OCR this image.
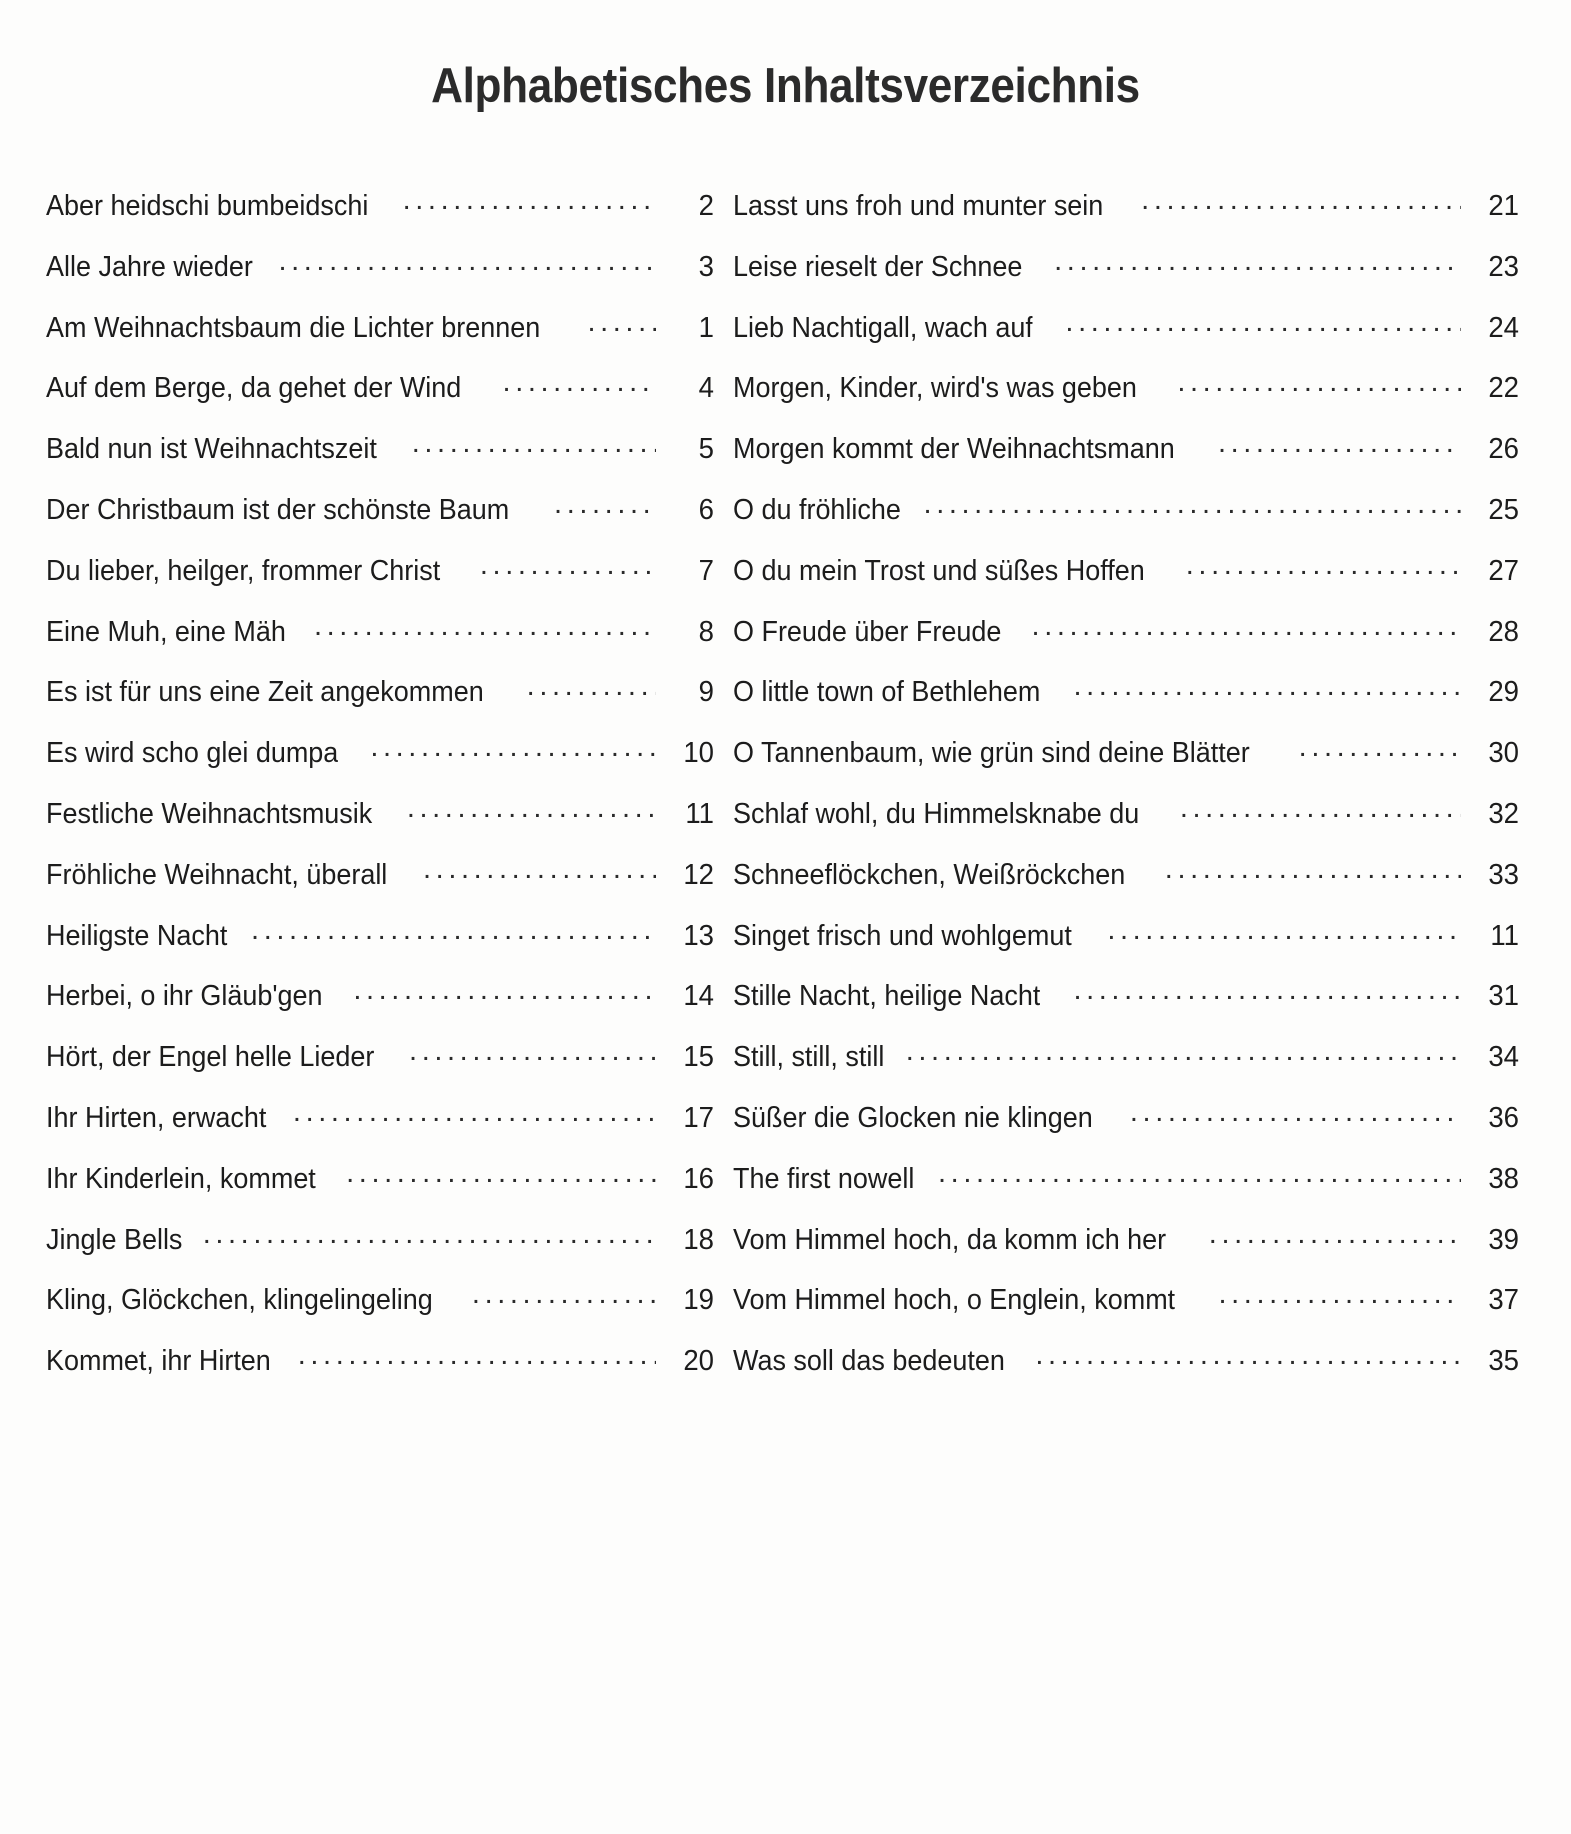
Alphabetisches Inhaltsverzeichnis
Aber heidschi bumbeidschi .....	2
Alle Jahre wieder .....	3
Am Weihnachtsbaum die Lichter brennen .....	1
Auf dem Berge, da gehet der Wind .....	4
Bald nun ist Weihnachtszeit .....	5
Der Christbaum ist der schönste Baum .....	6
Du lieber, heilger, frommer Christ .....	7
Eine Muh, eine Mäh .....	8
Es ist für uns eine Zeit angekommen .....	9
Es wird scho glei dumpa .....	10
Festliche Weihnachtsmusik .....	11
Fröhliche Weihnacht, überall .....	12
Heiligste Nacht .....	13
Herbei, o ihr Gläub'gen .....	14
Hört, der Engel helle Lieder .....	15
Ihr Hirten, erwacht .....	17
Ihr Kinderlein, kommet .....	16
Jingle Bells .....	18
Kling, Glöckchen, klingelingeling .....	19
Kommet, ihr Hirten .....	20
Lasst uns froh und munter sein .....	21
Leise rieselt der Schnee .....	23
Lieb Nachtigall, wach auf .....	24
Morgen, Kinder, wird's was geben .....	22
Morgen kommt der Weihnachtsmann .....	26
O du fröhliche .....	25
O du mein Trost und süßes Hoffen .....	27
O Freude über Freude .....	28
O little town of Bethlehem .....	29
O Tannenbaum, wie grün sind deine Blätter .....	30
Schlaf wohl, du Himmelsknabe du .....	32
Schneeflöckchen, Weißröckchen .....	33
Singet frisch und wohlgemut .....	11
Stille Nacht, heilige Nacht .....	31
Still, still, still .....	34
Süßer die Glocken nie klingen .....	36
The first nowell .....	38
Vom Himmel hoch, da komm ich her .....	39
Vom Himmel hoch, o Englein, kommt .....	37
Was soll das bedeuten .....	35
